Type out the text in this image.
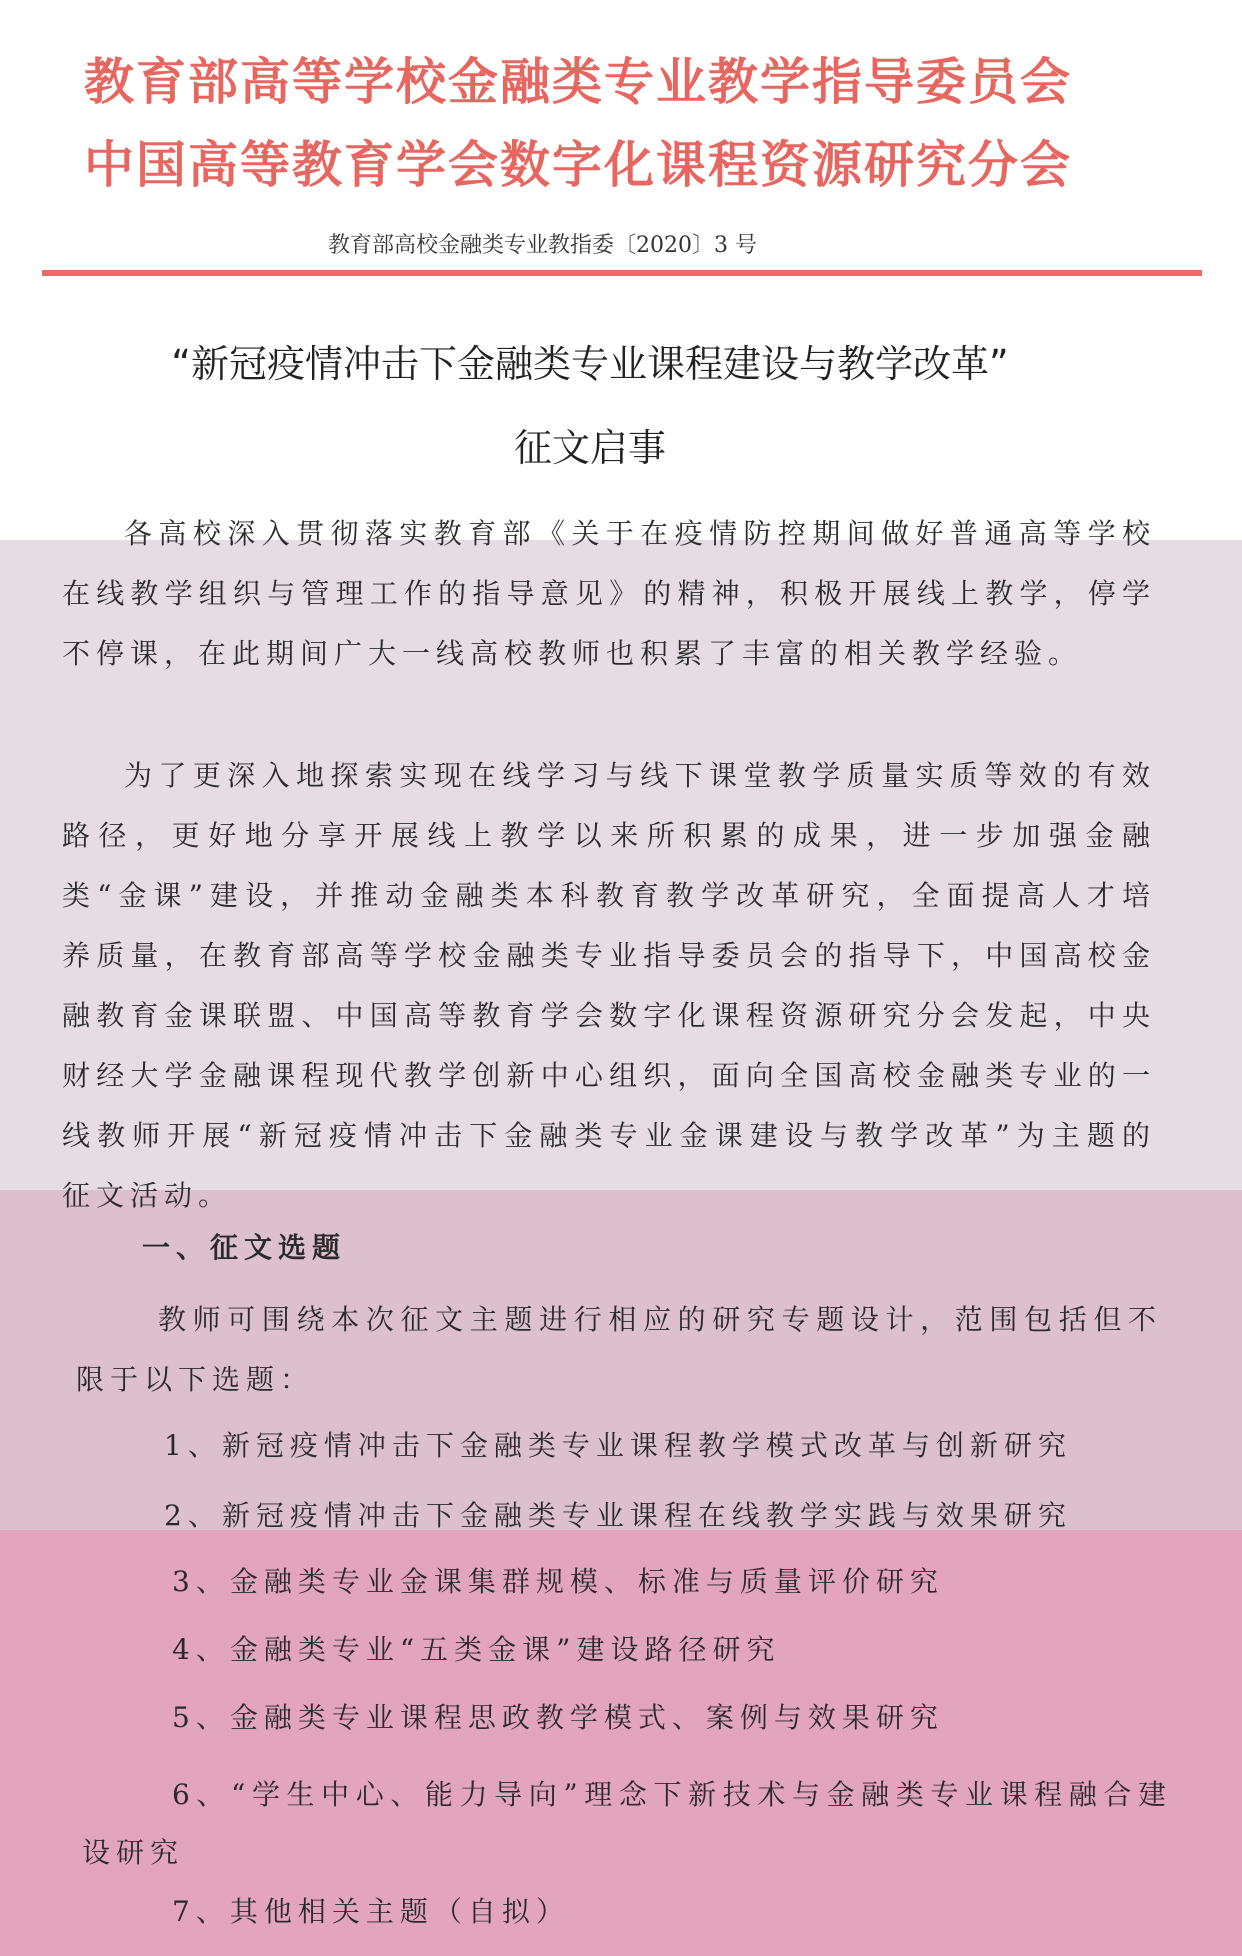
教育部高等学校金融类专业教学指导委员会
中国高等教育学会数字化课程资源研究分会
教育部高校金融类专业教指委〔2020〕3 号
“新冠疫情冲击下金融类专业课程建设与教学改革”
征文启事

各高校深入贯彻落实教育部《关于在疫情防控期间做好普通高等学校在线教学组织与管理工作的指导意见》的精神，积极开展线上教学，停学不停课，在此期间广大一线高校教师也积累了丰富的相关教学经验。

为了更深入地探索实现在线学习与线下课堂教学质量实质等效的有效路径，更好地分享开展线上教学以来所积累的成果，进一步加强金融类“金课”建设，并推动金融类本科教育教学改革研究，全面提高人才培养质量，在教育部高等学校金融类专业指导委员会的指导下，中国高校金融教育金课联盟、中国高等教育学会数字化课程资源研究分会发起，中央财经大学金融课程现代教学创新中心组织，面向全国高校金融类专业的一线教师开展“新冠疫情冲击下金融类专业金课建设与教学改革”为主题的征文活动。

一、征文选题

教师可围绕本次征文主题进行相应的研究专题设计，范围包括但不限于以下选题：

1、新冠疫情冲击下金融类专业课程教学模式改革与创新研究
2、新冠疫情冲击下金融类专业课程在线教学实践与效果研究
3、金融类专业金课集群规模、标准与质量评价研究
4、金融类专业“五类金课”建设路径研究
5、金融类专业课程思政教学模式、案例与效果研究

6、“学生中心、能力导向”理念下新技术与金融类专业课程融合建设研究

7、其他相关主题（自拟）
